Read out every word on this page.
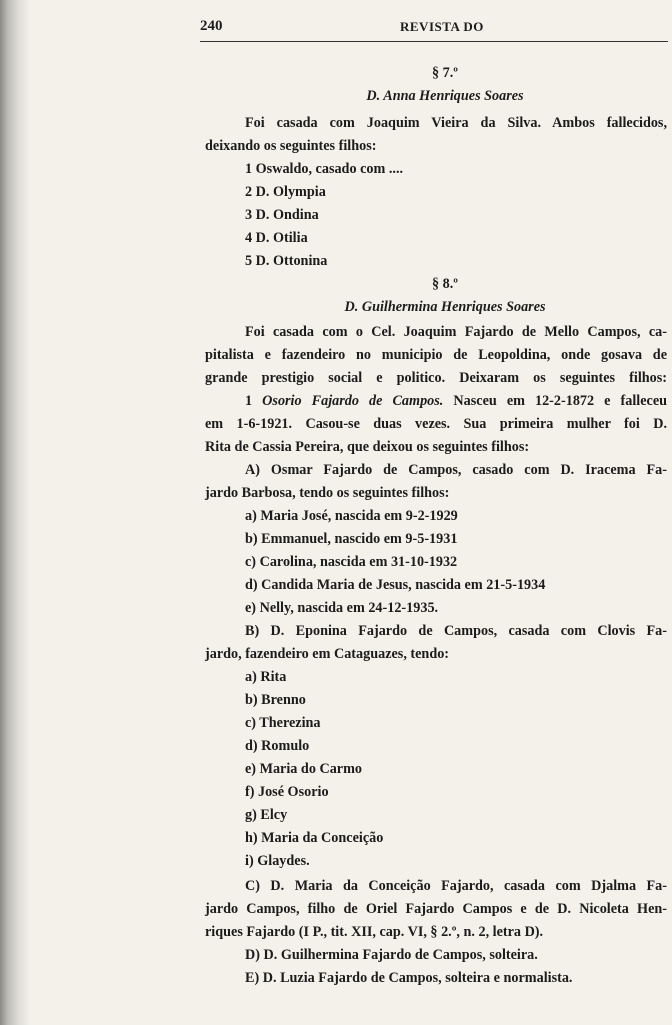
240	REVISTA DO
§ 7.º
D. Anna Henriques Soares
Foi casada com Joaquim Vieira da Silva. Ambos fallecidos,
deixando os seguintes filhos:
1 Oswaldo, casado com ....
2 D. Olympia
3 D. Ondina
4 D. Otilia
5 D. Ottonina
§ 8.º
D. Guilhermina Henriques Soares
Foi casada com o Cel. Joaquim Fajardo de Mello Campos, ca-
pitalista e fazendeiro no municipio de Leopoldina, onde gosava de
grande prestigio social e politico. Deixaram os seguintes filhos:
1 Osorio Fajardo de Campos. Nasceu em 12-2-1872 e falleceu
em 1-6-1921. Casou-se duas vezes. Sua primeira mulher foi D.
Rita de Cassia Pereira, que deixou os seguintes filhos:
A) Osmar Fajardo de Campos, casado com D. Iracema Fa-
jardo Barbosa, tendo os seguintes filhos:
a) Maria José, nascida em 9-2-1929
b) Emmanuel, nascido em 9-5-1931
c) Carolina, nascida em 31-10-1932
d) Candida Maria de Jesus, nascida em 21-5-1934
e) Nelly, nascida em 24-12-1935.
B) D. Eponina Fajardo de Campos, casada com Clovis Fa-
jardo, fazendeiro em Cataguazes, tendo:
a) Rita
b) Brenno
c) Therezina
d) Romulo
e) Maria do Carmo
f) José Osorio
g) Elcy
h) Maria da Conceição
i) Glaydes.
C) D. Maria da Conceição Fajardo, casada com Djalma Fa-
jardo Campos, filho de Oriel Fajardo Campos e de D. Nicoleta Hen-
riques Fajardo (I P., tit. XII, cap. VI, § 2.º, n. 2, letra D).
D) D. Guilhermina Fajardo de Campos, solteira.
E) D. Luzia Fajardo de Campos, solteira e normalista.
